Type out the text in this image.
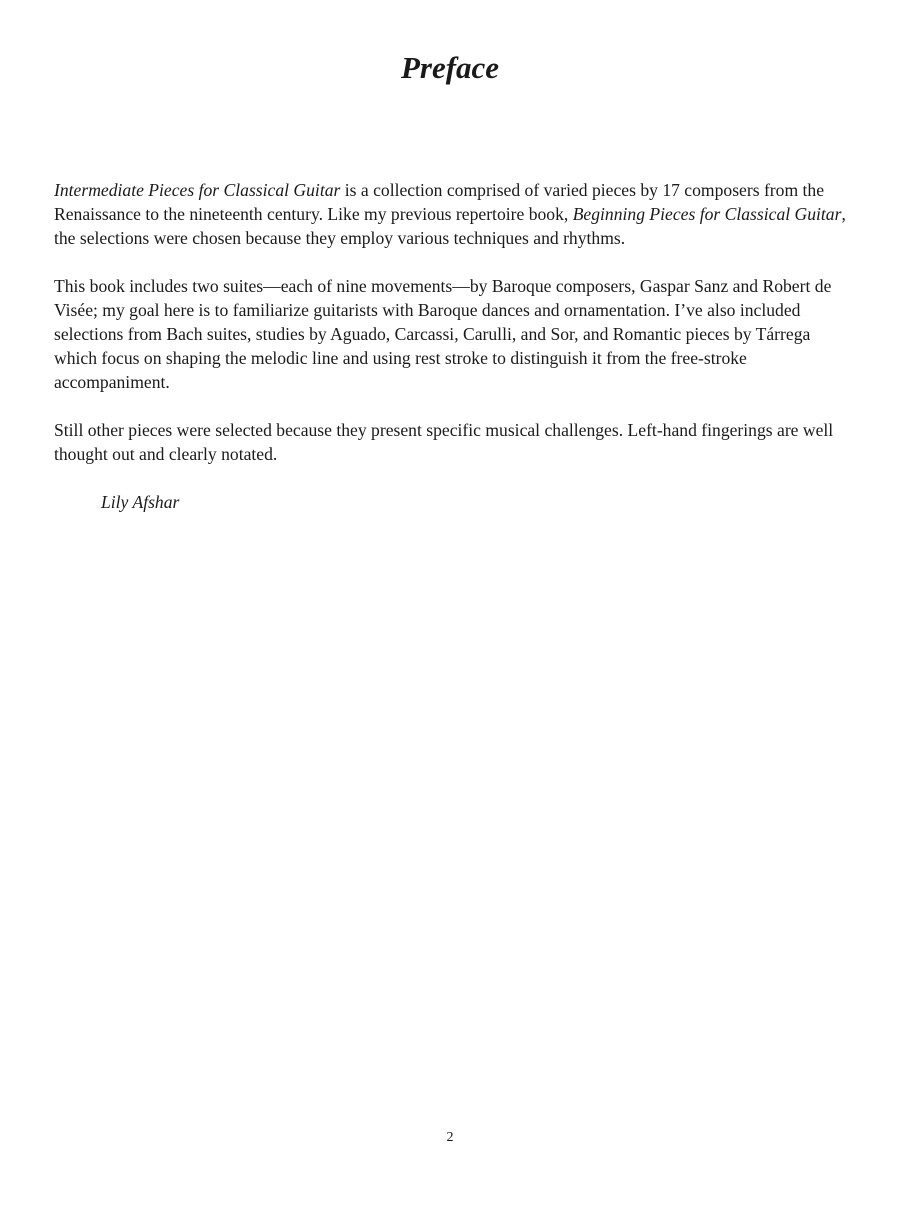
Preface

Intermediate Pieces for Classical Guitar is a collection comprised of varied pieces by 17 composers from the Renaissance to the nineteenth century. Like my previous repertoire book, Beginning Pieces for Classical Guitar, the selections were chosen because they employ various techniques and rhythms.

This book includes two suites—each of nine movements—by Baroque composers, Gaspar Sanz and Robert de Visée; my goal here is to familiarize guitarists with Baroque dances and ornamentation. I’ve also included selections from Bach suites, studies by Aguado, Carcassi, Carulli, and Sor, and Romantic pieces by Tárrega which focus on shaping the melodic line and using rest stroke to distinguish it from the free-stroke accompaniment.

Still other pieces were selected because they present specific musical challenges. Left-hand fingerings are well thought out and clearly notated.

Lily Afshar

2
